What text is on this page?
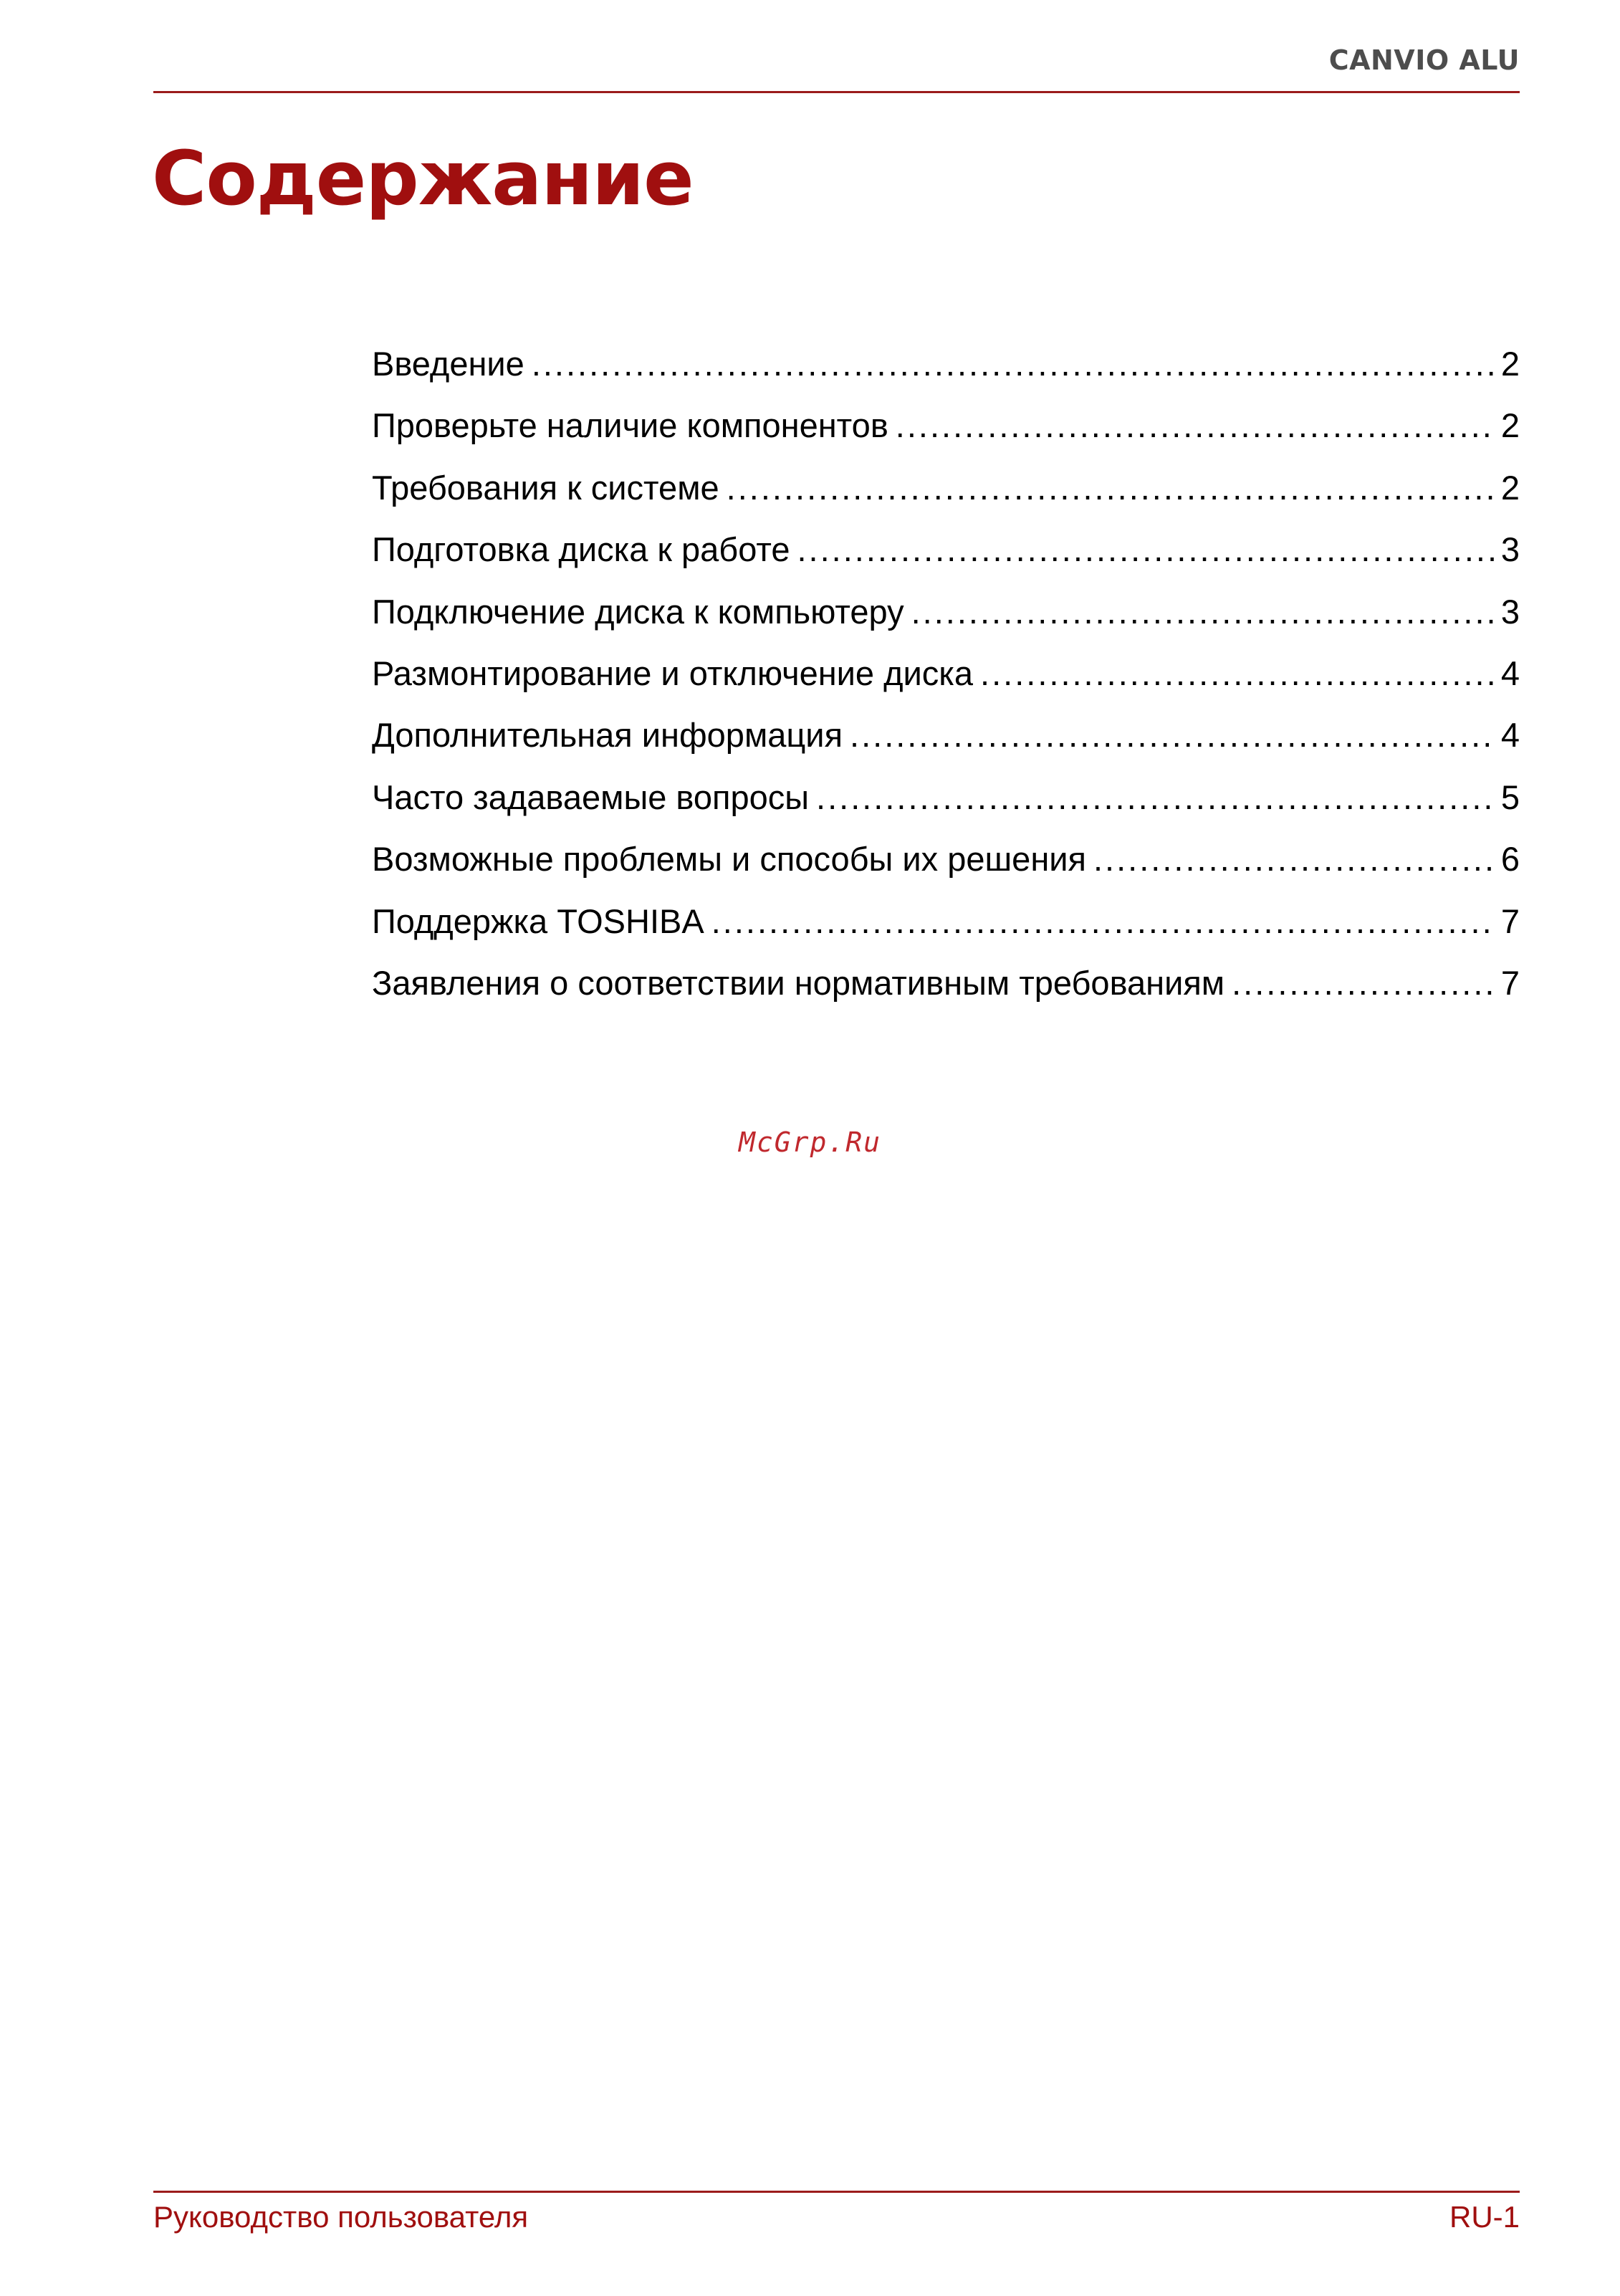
CANVIO ALU
Содержание
Введение .....	2
Проверьте наличие компонентов .....	2
Требования к системе .....	2
Подготовка диска к работе .....	3
Подключение диска к компьютеру .....	3
Размонтирование и отключение диска .....	4
Дополнительная информация .....	4
Часто задаваемые вопросы .....	5
Возможные проблемы и способы их решения .....	6
Поддержка TOSHIBA .....	7
Заявления о соответствии нормативным требованиям .....	7
McGrp.Ru
Руководство пользователя	RU-1
